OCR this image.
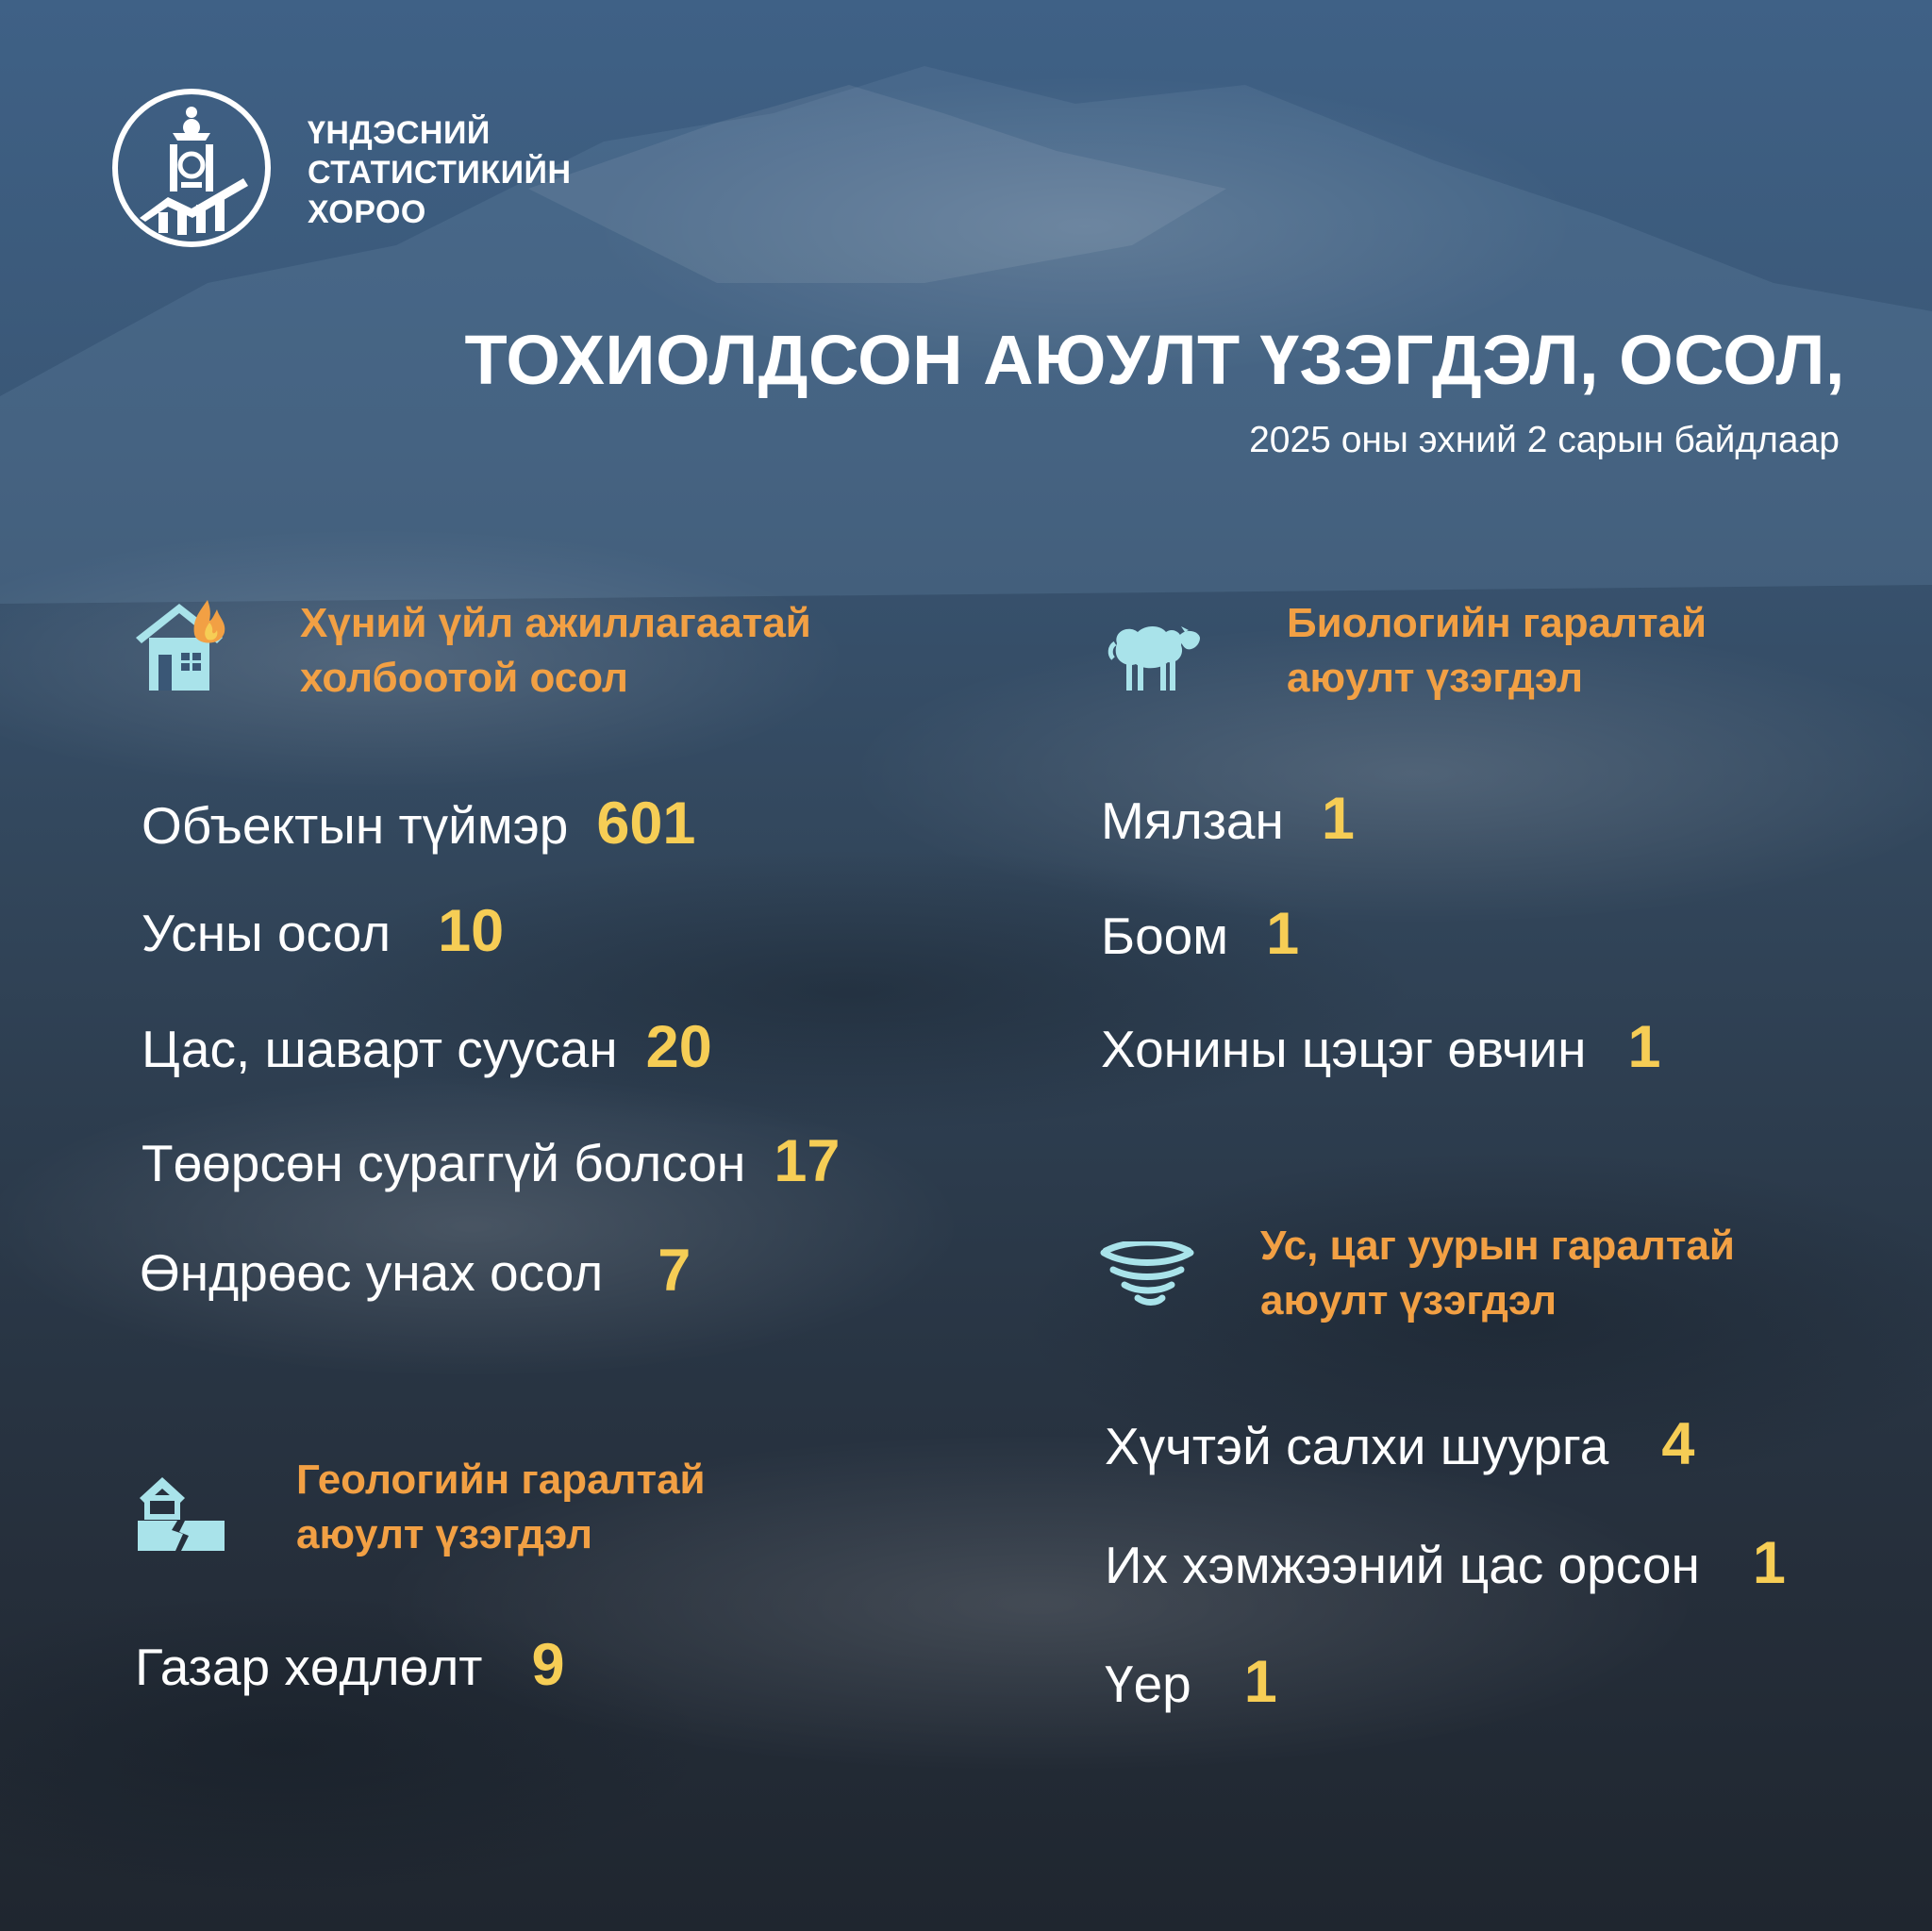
ҮНДЭСНИЙ
СТАТИСТИКИЙН
ХОРОО
ТОХИОЛДСОН АЮУЛТ ҮЗЭГДЭЛ, ОСОЛ,
2025 оны эхний 2 сарын байдлаар
Хүний үйл ажиллагаатай
холбоотой осол
Объектын түймэр 601
Усны осол 10
Цас, шаварт суусан 20
Төөрсөн сураггүй болсон 17
Өндрөөс унах осол 7
Геологийн гаралтай
аюулт үзэгдэл
Газар хөдлөлт 9
Биологийн гаралтай
аюулт үзэгдэл
Мялзан 1
Боом 1
Хонины цэцэг өвчин 1
Ус, цаг уурын гаралтай
аюулт үзэгдэл
Хүчтэй салхи шуурга 4
Их хэмжээний цас орсон 1
Үер 1
